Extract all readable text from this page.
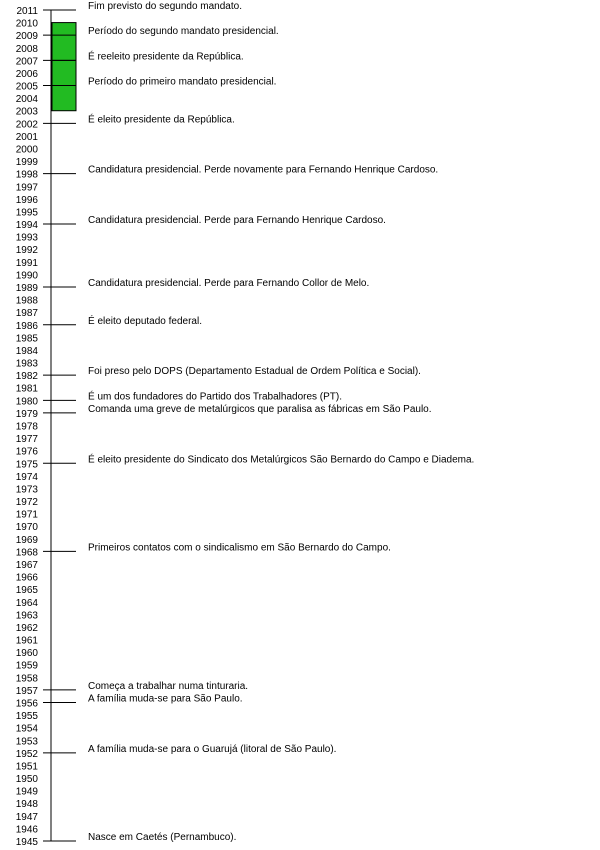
2011
2010
2009
2008
2007
2006
2005
2004
2003
2002
2001
2000
1999
1998
1997
1996
1995
1994
1993
1992
1991
1990
1989
1988
1987
1986
1985
1984
1983
1982
1981
1980
1979
1978
1977
1976
1975
1974
1973
1972
1971
1970
1969
1968
1967
1966
1965
1964
1963
1962
1961
1960
1959
1958
1957
1956
1955
1954
1953
1952
1951
1950
1949
1948
1947
1946
1945
Fim previsto do segundo mandato.
Período do segundo mandato presidencial.
É reeleito presidente da República.
Período do primeiro mandato presidencial.
É eleito presidente da República.
Candidatura presidencial. Perde novamente para Fernando Henrique Cardoso.
Candidatura presidencial. Perde para Fernando Henrique Cardoso.
Candidatura presidencial. Perde para Fernando Collor de Melo.
É eleito deputado federal.
Foi preso pelo DOPS (Departamento Estadual de Ordem Política e Social).
É um dos fundadores do Partido dos Trabalhadores (PT).
Comanda uma greve de metalúrgicos que paralisa as fábricas em São Paulo.
É eleito presidente do Sindicato dos Metalúrgicos São Bernardo do Campo e Diadema.
Primeiros contatos com o sindicalismo em São Bernardo do Campo.
Começa a trabalhar numa tinturaria.
A família muda-se para São Paulo.
A família muda-se para o Guarujá (litoral de São Paulo).
Nasce em Caetés (Pernambuco).
